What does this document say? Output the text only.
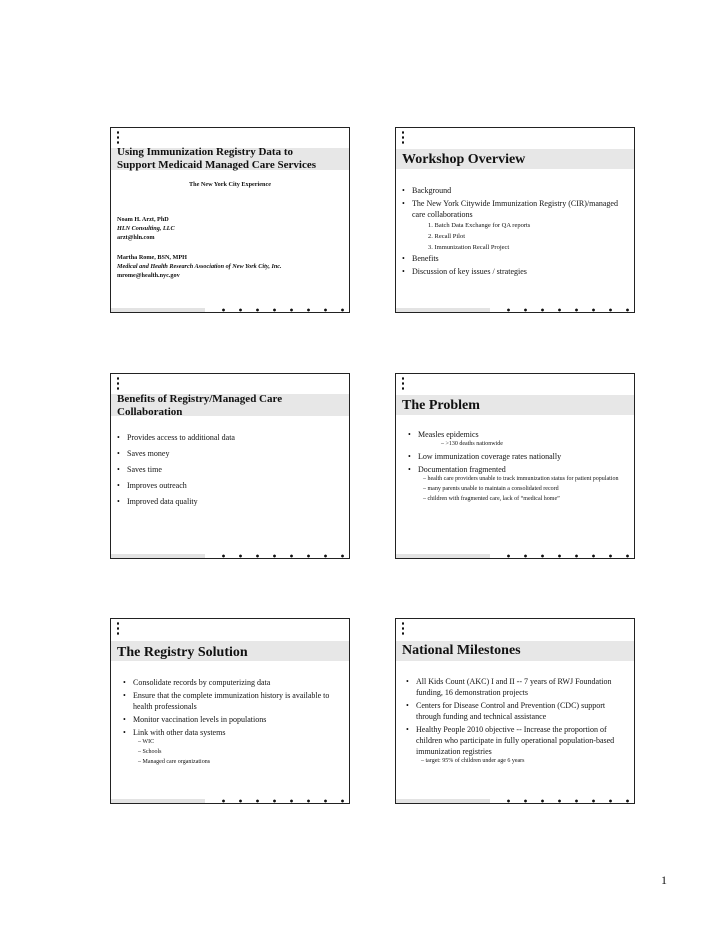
Using Immunization Registry Data to
Support Medicaid Managed Care Services
The New York City Experience
Noam H. Arzt, PhD
HLN Consulting, LLC
arzt@hln.com
Martha Rome, BSN, MPH
Medical and Health Research Association of New York City, Inc.
mrome@health.nyc.gov
Workshop Overview
• Background
• The New York Citywide Immunization Registry (CIR)/managed care collaborations
1. Batch Data Exchange for QA reports
2. Recall Pilot
3. Immunization Recall Project
• Benefits
• Discussion of key issues / strategies
Benefits of Registry/Managed Care
Collaboration
• Provides access to additional data
• Saves money
• Saves time
• Improves outreach
• Improved data quality
The Problem
• Measles epidemics
– >130 deaths nationwide
• Low immunization coverage rates nationally
• Documentation fragmented
– health care providers unable to track immunization status for patient population
– many parents unable to maintain a consolidated record
– children with fragmented care, lack of “medical home”
The Registry Solution
• Consolidate records by computerizing data
• Ensure that the complete immunization history is available to health professionals
• Monitor vaccination levels in populations
• Link with other data systems
– WIC
– Schools
– Managed care organizations
National Milestones
• All Kids Count (AKC) I and II -- 7 years of RWJ Foundation funding, 16 demonstration projects
• Centers for Disease Control and Prevention (CDC) support through funding and technical assistance
• Healthy People 2010 objective -- Increase the proportion of children who participate in fully operational population-based immunization registries
– target: 95% of children under age 6 years
1
